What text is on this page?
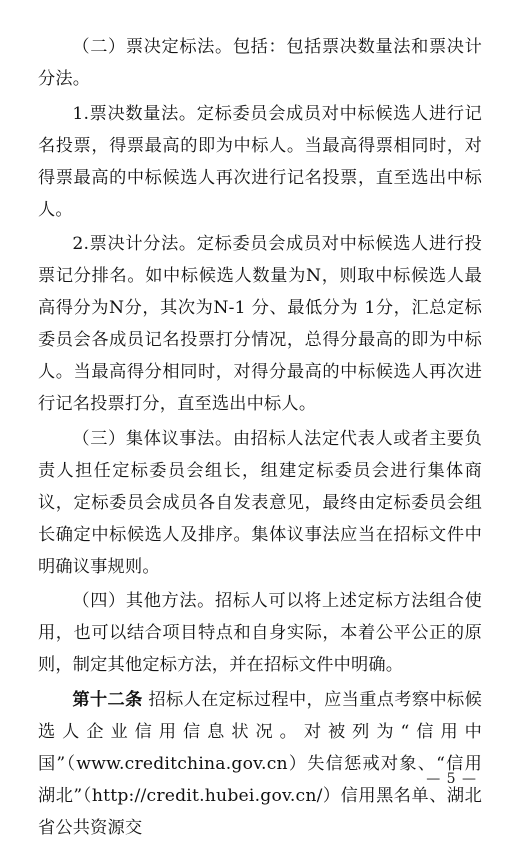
（二）票决定标法。包括：包括票决数量法和票决计分法。

1.票决数量法。定标委员会成员对中标候选人进行记名投票，得票最高的即为中标人。当最高得票相同时，对得票最高的中标候选人再次进行记名投票，直至选出中标人。

2.票决计分法。定标委员会成员对中标候选人进行投票记分排名。如中标候选人数量为N，则取中标候选人最高得分为N分，其次为N-1 分、最低分为 1分，汇总定标委员会各成员记名投票打分情况，总得分最高的即为中标人。当最高得分相同时，对得分最高的中标候选人再次进行记名投票打分，直至选出中标人。

（三）集体议事法。由招标人法定代表人或者主要负责人担任定标委员会组长，组建定标委员会进行集体商议，定标委员会成员各自发表意见，最终由定标委员会组长确定中标候选人及排序。集体议事法应当在招标文件中明确议事规则。

（四）其他方法。招标人可以将上述定标方法组合使用，也可以结合项目特点和自身实际，本着公平公正的原则，制定其他定标方法，并在招标文件中明确。

第十二条 招标人在定标过程中，应当重点考察中标候选人企业信用信息状况。对被列为“信用中国”（www.creditchina.gov.cn）失信惩戒对象、“信用湖北”（http://credit.hubei.gov.cn/）信用黑名单、湖北省公共资源交

— 5 —
